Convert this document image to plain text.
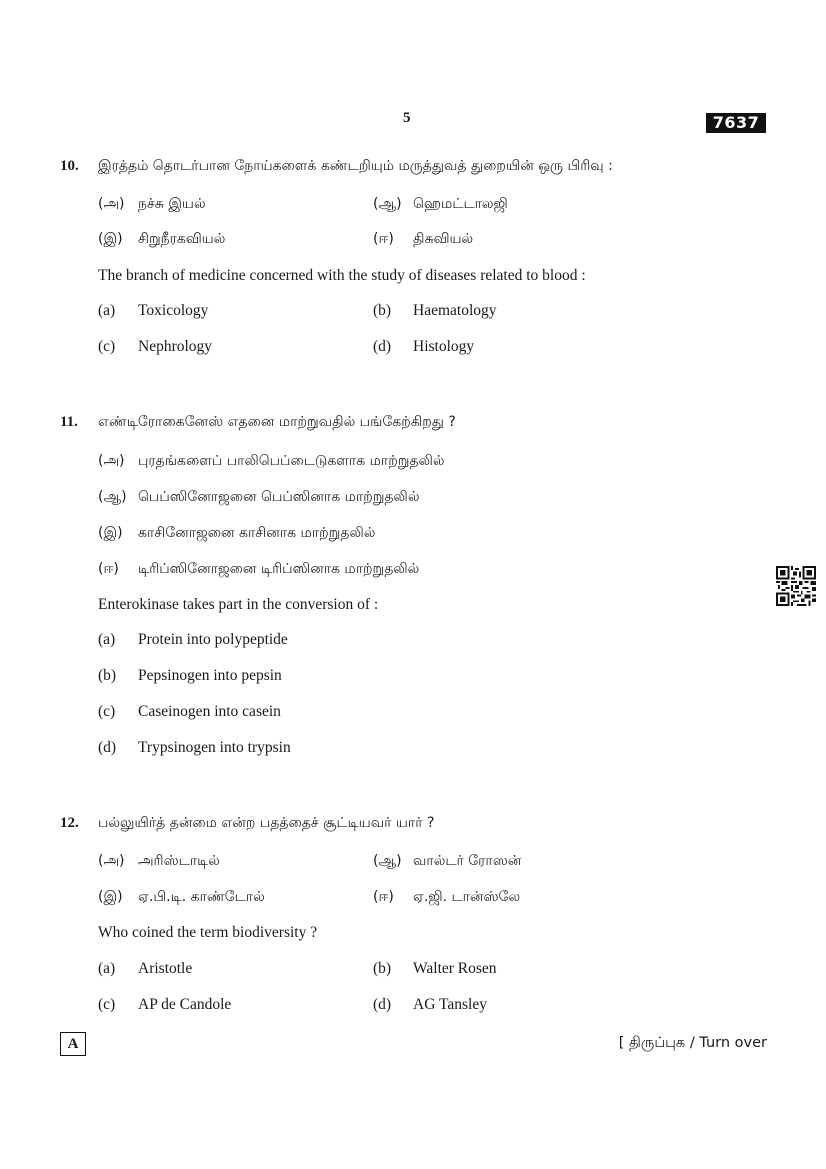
5	7637
10. இரத்தம் தொடர்பான நோய்களைக் கண்டறியும் மருத்துவத் துறையின் ஒரு பிரிவு :
(அ) நச்சு இயல்	(ஆ) ஹெமட்டாலஜி
(இ) சிறுநீரகவியல்	(ஈ) திசுவியல்
The branch of medicine concerned with the study of diseases related to blood :
(a) Toxicology	(b) Haematology
(c) Nephrology	(d) Histology
11. எண்டிரோகைனேஸ் எதனை மாற்றுவதில் பங்கேற்கிறது ?
(அ) புரதங்களைப் பாலிபெப்டைடுகளாக மாற்றுதலில்
(ஆ) பெப்ஸினோஜனை பெப்ஸினாக மாற்றுதலில்
(இ) காசினோஜனை காசினாக மாற்றுதலில்
(ஈ) டிரிப்ஸினோஜனை டிரிப்ஸினாக மாற்றுதலில்
Enterokinase takes part in the conversion of :
(a) Protein into polypeptide
(b) Pepsinogen into pepsin
(c) Caseinogen into casein
(d) Trypsinogen into trypsin
12. பல்லுயிர்த் தன்மை என்ற பதத்தைச் சூட்டியவர் யார் ?
(அ) அரிஸ்டாடில்	(ஆ) வால்டர் ரோஸன்
(இ) ஏ.பி.டி. காண்டோல்	(ஈ) ஏ.ஜி. டான்ஸ்லே
Who coined the term biodiversity ?
(a) Aristotle	(b) Walter Rosen
(c) AP de Candole	(d) AG Tansley
A	[ திருப்புக / Turn over
